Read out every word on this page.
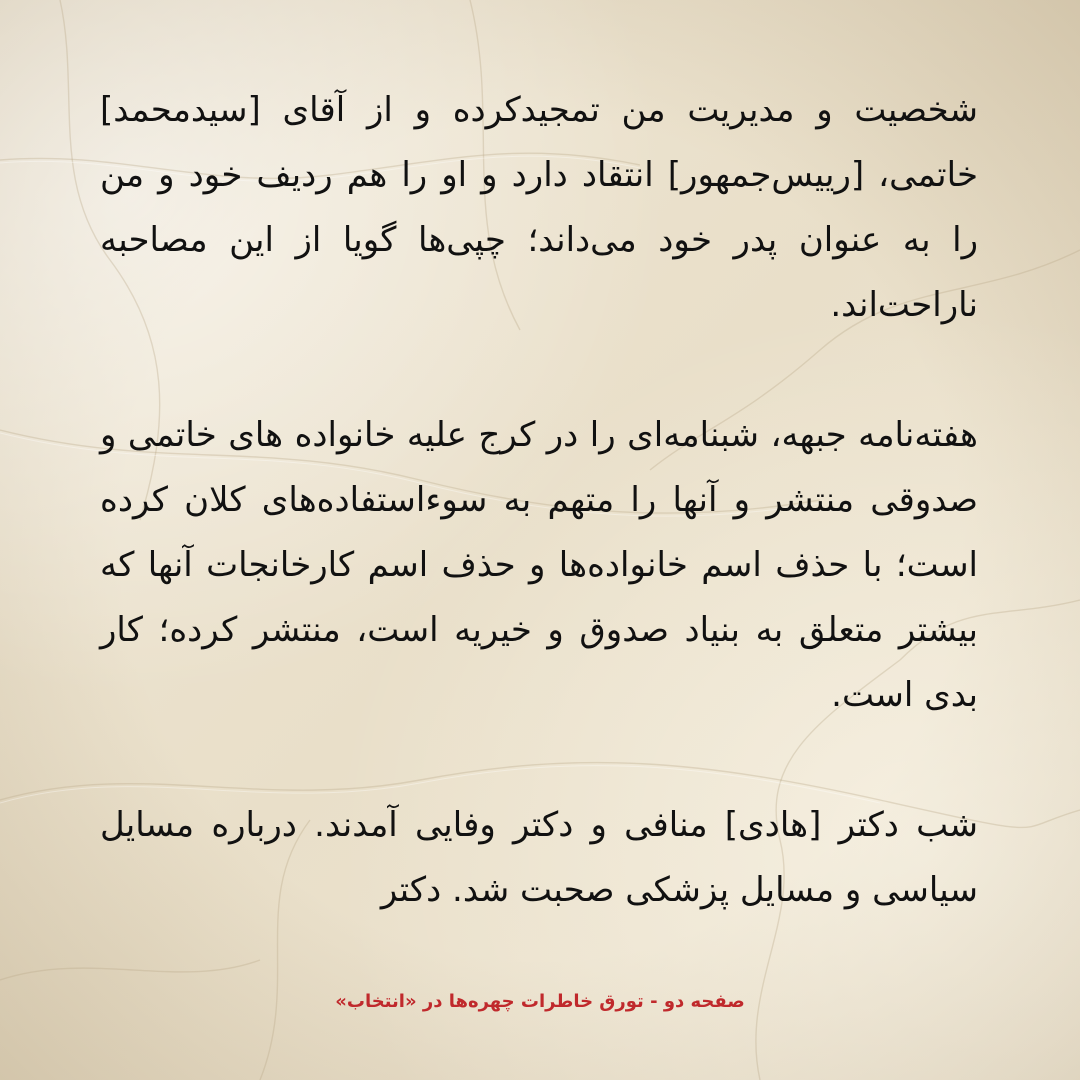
شخصیت و مدیریت من تمجیدکرده و از آقای [سیدمحمد] خاتمی، [رییس‌جمهور] انتقاد دارد و او را هم ردیف خود و من را به عنوان پدر خود می‌داند؛ چپی‌ها گویا از این مصاحبه ناراحت‌اند.

هفته‌نامه جبهه، شبنامه‌ای را در کرج علیه خانواده های خاتمی و صدوقی منتشر و آنها را متهم به سوءاستفاده‌های کلان کرده است؛ با حذف اسم خانواده‌ها و حذف اسم کارخانجات آنها که بیشتر متعلق به بنیاد صدوق و خیریه است، منتشر کرده؛ کار بدی است.

شب دکتر [هادی] منافی و دکتر وفایی آمدند. درباره مسایل سیاسی و مسایل پزشکی صحبت شد. دکتر

صفحه دو - تورق خاطرات چهره‌ها در «انتخاب»
